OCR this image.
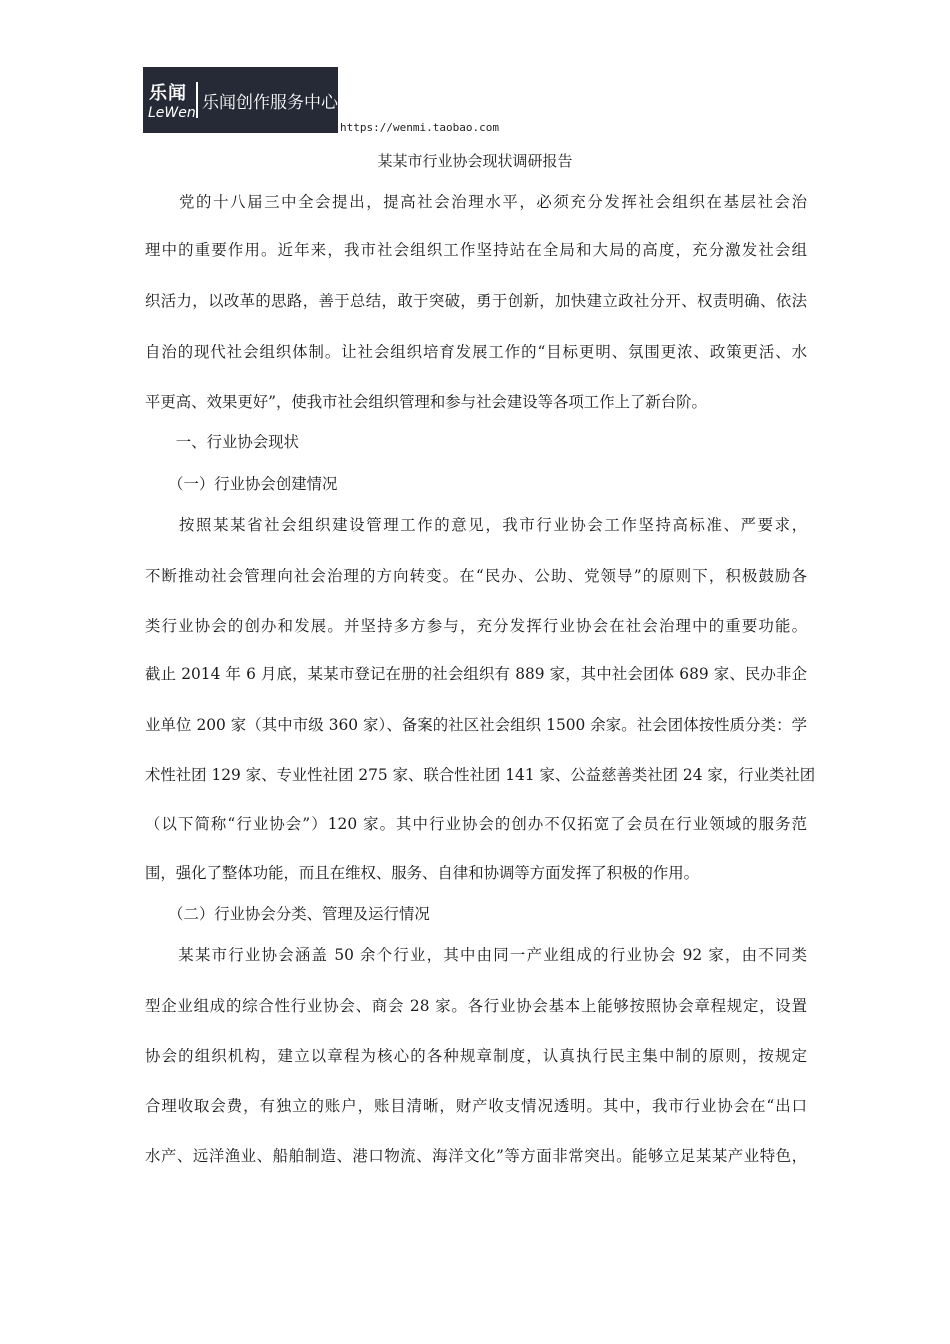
乐闻
LeWen
乐闻创作服务中心
https://wenmi.taobao.com
某某市行业协会现状调研报告

　　党的十八届三中全会提出，提高社会治理水平，必须充分发挥社会组织在基层社会治

理中的重要作用。近年来，我市社会组织工作坚持站在全局和大局的高度，充分激发社会组

织活力，以改革的思路，善于总结，敢于突破，勇于创新，加快建立政社分开、权责明确、依法

自治的现代社会组织体制。让社会组织培育发展工作的“目标更明、氛围更浓、政策更活、水

平更高、效果更好”，使我市社会组织管理和参与社会建设等各项工作上了新台阶。

　　一、行业协会现状

　　（一）行业协会创建情况

　　按照某某省社会组织建设管理工作的意见，我市行业协会工作坚持高标准、严要求，

不断推动社会管理向社会治理的方向转变。在“民办、公助、党领导”的原则下，积极鼓励各

类行业协会的创办和发展。并坚持多方参与，充分发挥行业协会在社会治理中的重要功能。

截止 2014 年 6 月底，某某市登记在册的社会组织有 889 家，其中社会团体 689 家、民办非企

业单位 200 家（其中市级 360 家）、备案的社区社会组织 1500 余家。社会团体按性质分类：学

术性社团 129 家、专业性社团 275 家、联合性社团 141 家、公益慈善类社团 24 家，行业类社团

（以下简称“行业协会”）120 家。其中行业协会的创办不仅拓宽了会员在行业领域的服务范

围，强化了整体功能，而且在维权、服务、自律和协调等方面发挥了积极的作用。

　　（二）行业协会分类、管理及运行情况

　　某某市行业协会涵盖 50 余个行业，其中由同一产业组成的行业协会 92 家，由不同类

型企业组成的综合性行业协会、商会 28 家。各行业协会基本上能够按照协会章程规定，设置

协会的组织机构，建立以章程为核心的各种规章制度，认真执行民主集中制的原则，按规定

合理收取会费，有独立的账户，账目清晰，财产收支情况透明。其中，我市行业协会在“出口

水产、远洋渔业、船舶制造、港口物流、海洋文化”等方面非常突出。能够立足某某产业特色，
